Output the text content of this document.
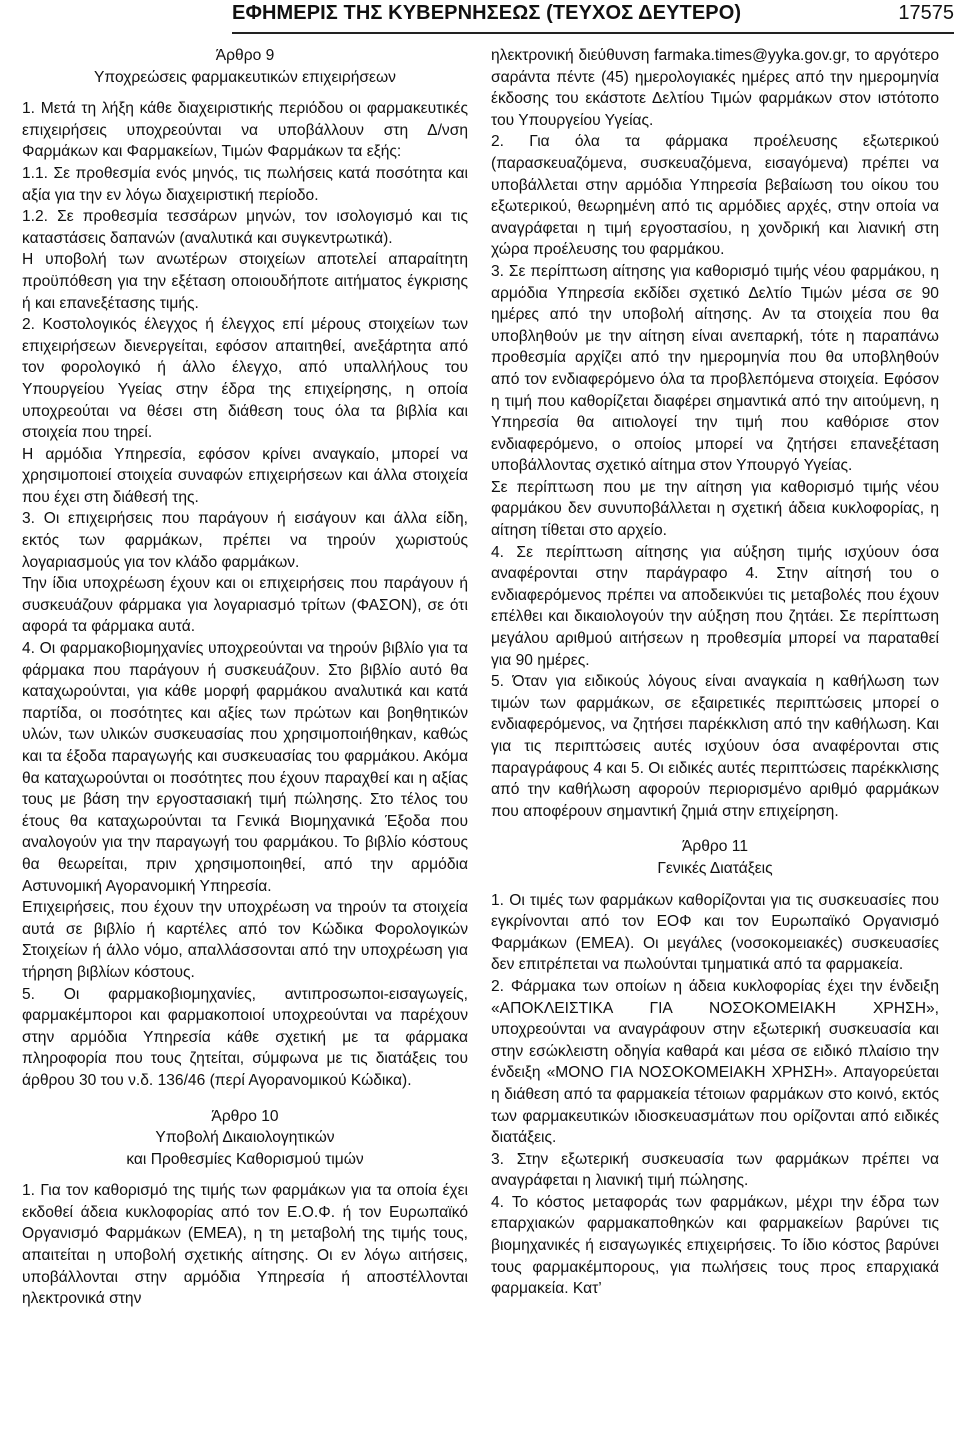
ΕΦΗΜΕΡΙΣ ΤΗΣ ΚΥΒΕΡΝΗΣΕΩΣ (ΤΕΥΧΟΣ ΔΕΥΤΕΡΟ)	17575

Άρθρο 9

Υποχρεώσεις φαρμακευτικών επιχειρήσεων

1. Μετά τη λήξη κάθε διαχειριστικής περιόδου οι φαρμακευτικές επιχειρήσεις υποχρεούνται να υποβάλλουν στη Δ/νση Φαρμάκων και Φαρμακείων, Τιμών Φαρμάκων τα εξής:

1.1. Σε προθεσμία ενός μηνός, τις πωλήσεις κατά ποσότητα και αξία για την εν λόγω διαχειριστική περίοδο.

1.2. Σε προθεσμία τεσσάρων μηνών, τον ισολογισμό και τις καταστάσεις δαπανών (αναλυτικά και συγκεντρωτικά).

Η υποβολή των ανωτέρων στοιχείων αποτελεί απαραίτητη προϋπόθεση για την εξέταση οποιουδήποτε αιτήματος έγκρισης ή και επανεξέτασης τιμής.

2. Κοστολογικός έλεγχος ή έλεγχος επί μέρους στοιχείων των επιχειρήσεων διενεργείται, εφόσον απαιτηθεί, ανεξάρτητα από τον φορολογικό ή άλλο έλεγχο, από υπαλλήλους του Υπουργείου Υγείας στην έδρα της επιχείρησης, η οποία υποχρεούται να θέσει στη διάθεση τους όλα τα βιβλία και στοιχεία που τηρεί.

Η αρμόδια Υπηρεσία, εφόσον κρίνει αναγκαίο, μπορεί να χρησιμοποιεί στοιχεία συναφών επιχειρήσεων και άλλα στοιχεία που έχει στη διάθεσή της.

3. Οι επιχειρήσεις που παράγουν ή εισάγουν και άλλα είδη, εκτός των φαρμάκων, πρέπει να τηρούν χωριστούς λογαριασμούς για τον κλάδο φαρμάκων.

Την ίδια υποχρέωση έχουν και οι επιχειρήσεις που παράγουν ή συσκευάζουν φάρμακα για λογαριασμό τρίτων (ΦΑΣΟΝ), σε ότι αφορά τα φάρμακα αυτά.

4. Οι φαρμακοβιομηχανίες υποχρεούνται να τηρούν βιβλίο για τα φάρμακα που παράγουν ή συσκευάζουν. Στο βιβλίο αυτό θα καταχωρούνται, για κάθε μορφή φαρμάκου αναλυτικά και κατά παρτίδα, οι ποσότητες και αξίες των πρώτων και βοηθητικών υλών, των υλικών συσκευασίας που χρησιμοποιήθηκαν, καθώς και τα έξοδα παραγωγής και συσκευασίας του φαρμάκου. Ακόμα θα καταχωρούνται οι ποσότητες που έχουν παραχθεί και η αξίας τους με βάση την εργοστασιακή τιμή πώλησης. Στο τέλος του έτους θα καταχωρούνται τα Γενικά Βιομηχανικά Έξοδα που αναλογούν για την παραγωγή του φαρμάκου. Το βιβλίο κόστους θα θεωρείται, πριν χρησιμοποιηθεί, από την αρμόδια Αστυνομική Αγορανομική Υπηρεσία.

Επιχειρήσεις, που έχουν την υποχρέωση να τηρούν τα στοιχεία αυτά σε βιβλίο ή καρτέλες από τον Κώδικα Φορολογικών Στοιχείων ή άλλο νόμο, απαλλάσσονται από την υποχρέωση για τήρηση βιβλίων κόστους.

5. Οι φαρμακοβιομηχανίες, αντιπροσωποι-εισαγωγείς, φαρμακέμποροι και φαρμακοποιοί υποχρεούνται να παρέχουν στην αρμόδια Υπηρεσία κάθε σχετική με τα φάρμακα πληροφορία που τους ζητείται, σύμφωνα με τις διατάξεις του άρθρου 30 του ν.δ. 136/46 (περί Αγορανομικού Κώδικα).

Άρθρο 10

Υποβολή Δικαιολογητικών

και Προθεσμίες Καθορισμού τιμών

1. Για τον καθορισμό της τιμής των φαρμάκων για τα οποία έχει εκδοθεί άδεια κυκλοφορίας από τον Ε.Ο.Φ. ή τον Ευρωπαϊκό Οργανισμό Φαρμάκων (ΕΜΕΑ), η τη μεταβολή της τιμής τους, απαιτείται η υποβολή σχετικής αίτησης. Οι εν λόγω αιτήσεις, υποβάλλονται στην αρμόδια Υπηρεσία ή αποστέλλονται ηλεκτρονικά στην

ηλεκτρονική διεύθυνση farmaka.times@yyka.gov.gr, το αργότερο σαράντα πέντε (45) ημερολογιακές ημέρες από την ημερομηνία έκδοσης του εκάστοτε Δελτίου Τιμών φαρμάκων στον ιστότοπο του Υπουργείου Υγείας.

2. Για όλα τα φάρμακα προέλευσης εξωτερικού (παρασκευαζόμενα, συσκευαζόμενα, εισαγόμενα) πρέπει να υποβάλλεται στην αρμόδια Υπηρεσία βεβαίωση του οίκου του εξωτερικού, θεωρημένη από τις αρμόδιες αρχές, στην οποία να αναγράφεται η τιμή εργοστασίου, η χονδρική και λιανική στη χώρα προέλευσης του φαρμάκου.

3. Σε περίπτωση αίτησης για καθορισμό τιμής νέου φαρμάκου, η αρμόδια Υπηρεσία εκδίδει σχετικό Δελτίο Τιμών μέσα σε 90 ημέρες από την υποβολή αίτησης. Αν τα στοιχεία που θα υποβληθούν με την αίτηση είναι ανεπαρκή, τότε η παραπάνω προθεσμία αρχίζει από την ημερομηνία που θα υποβληθούν από τον ενδιαφερόμενο όλα τα προβλεπόμενα στοιχεία. Εφόσον η τιμή που καθορίζεται διαφέρει σημαντικά από την αιτούμενη, η Υπηρεσία θα αιτιολογεί την τιμή που καθόρισε στον ενδιαφερόμενο, ο οποίος μπορεί να ζητήσει επανεξέταση υποβάλλοντας σχετικό αίτημα στον Υπουργό Υγείας.

Σε περίπτωση που με την αίτηση για καθορισμό τιμής νέου φαρμάκου δεν συνυποβάλλεται η σχετική άδεια κυκλοφορίας, η αίτηση τίθεται στο αρχείο.

4. Σε περίπτωση αίτησης για αύξηση τιμής ισχύουν όσα αναφέρονται στην παράγραφο 4. Στην αίτησή του ο ενδιαφερόμενος πρέπει να αποδεικνύει τις μεταβολές που έχουν επέλθει και δικαιολογούν την αύξηση που ζητάει. Σε περίπτωση μεγάλου αριθμού αιτήσεων η προθεσμία μπορεί να παραταθεί για 90 ημέρες.

5. Όταν για ειδικούς λόγους είναι αναγκαία η καθήλωση των τιμών των φαρμάκων, σε εξαιρετικές περιπτώσεις μπορεί ο ενδιαφερόμενος, να ζητήσει παρέκκλιση από την καθήλωση. Και για τις περιπτώσεις αυτές ισχύουν όσα αναφέρονται στις παραγράφους 4 και 5. Οι ειδικές αυτές περιπτώσεις παρέκκλισης από την καθήλωση αφορούν περιορισμένο αριθμό φαρμάκων που αποφέρουν σημαντική ζημιά στην επιχείρηση.

Άρθρο 11

Γενικές Διατάξεις

1. Οι τιμές των φαρμάκων καθορίζονται για τις συσκευασίες που εγκρίνονται από τον ΕΟΦ και τον Ευρωπαϊκό Οργανισμό Φαρμάκων (ΕΜΕΑ). Οι μεγάλες (νοσοκομειακές) συσκευασίες δεν επιτρέπεται να πωλούνται τμηματικά από τα φαρμακεία.

2. Φάρμακα των οποίων η άδεια κυκλοφορίας έχει την ένδειξη «ΑΠΟΚΛΕΙΣΤΙΚΑ ΓΙΑ ΝΟΣΟΚΟΜΕΙΑΚΗ ΧΡΗΣΗ», υποχρεούνται να αναγράφουν στην εξωτερική συσκευασία και στην εσώκλειστη οδηγία καθαρά και μέσα σε ειδικό πλαίσιο την ένδειξη «ΜΟΝΟ ΓΙΑ ΝΟΣΟΚΟΜΕΙΑΚΗ ΧΡΗΣΗ». Απαγορεύεται η διάθεση από τα φαρμακεία τέτοιων φαρμάκων στο κοινό, εκτός των φαρμακευτικών ιδιοσκευασμάτων που ορίζονται από ειδικές διατάξεις.

3. Στην εξωτερική συσκευασία των φαρμάκων πρέπει να αναγράφεται η λιανική τιμή πώλησης.

4. Το κόστος μεταφοράς των φαρμάκων, μέχρι την έδρα των επαρχιακών φαρμακαποθηκών και φαρμακείων βαρύνει τις βιομηχανικές ή εισαγωγικές επιχειρήσεις. Το ίδιο κόστος βαρύνει τους φαρμακέμπορους, για πωλήσεις τους προς επαρχιακά φαρμακεία. Κατ’
